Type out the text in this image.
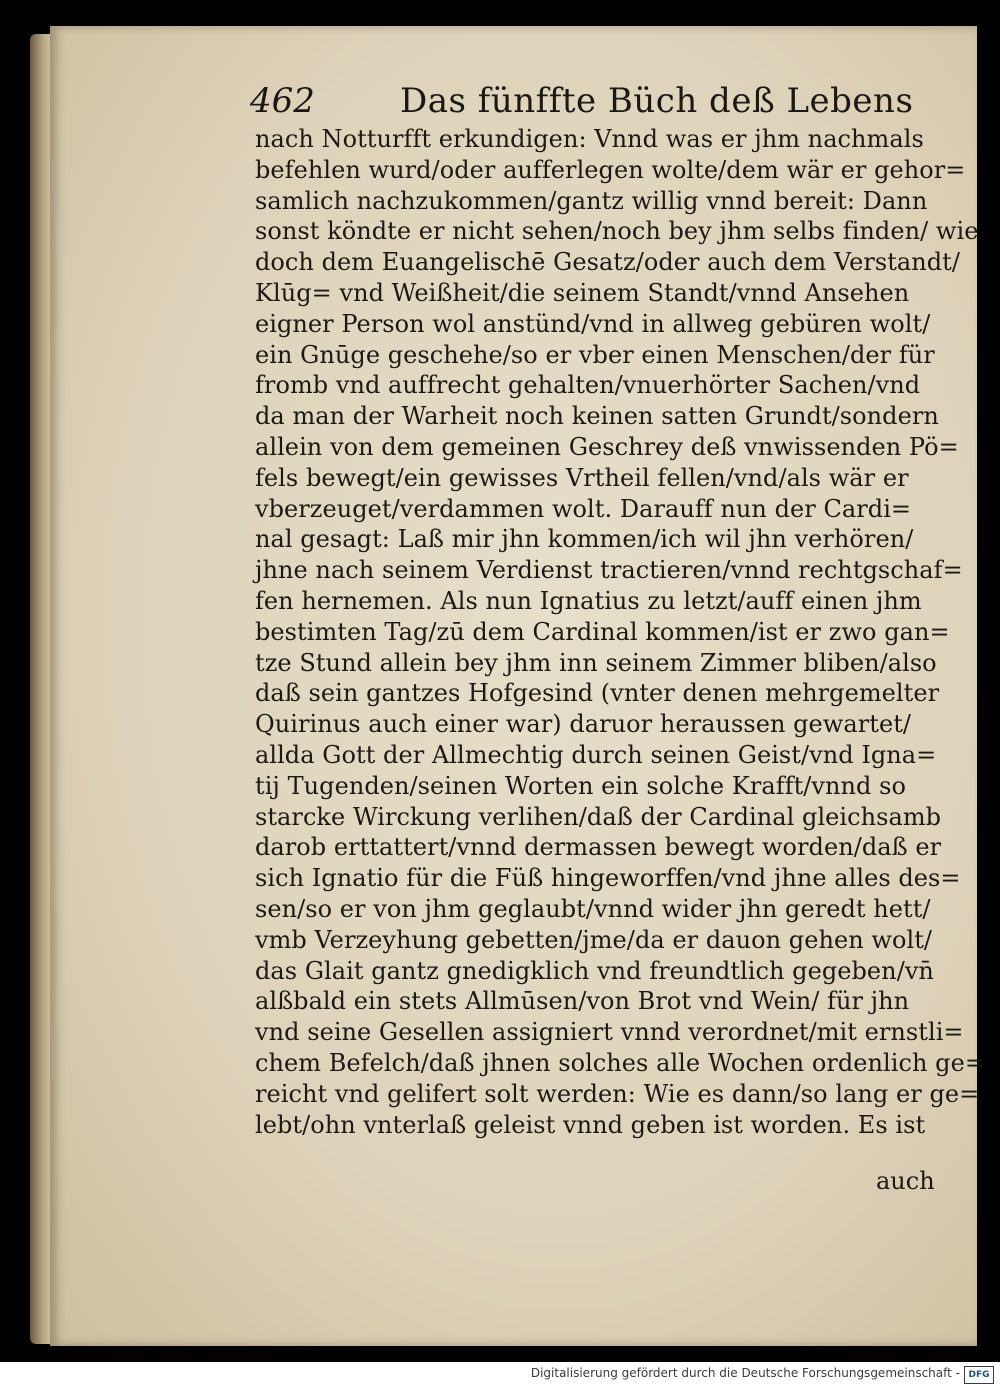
462	Das fünffte Büch deß Lebens
nach Notturfft erkundigen: Vnnd was er jhm nachmals
befehlen wurd/oder aufferlegen wolte/dem wär er gehor=
samlich nachzukommen/gantz willig vnnd bereit: Dann
sonst köndte er nicht sehen/noch bey jhm selbs finden/ wie
doch dem Euangelischē Gesatz/oder auch dem Verstandt/
Klūg= vnd Weißheit/die seinem Standt/vnnd Ansehen
eigner Person wol anstünd/vnd in allweg gebüren wolt/
ein Gnūge geschehe/so er vber einen Menschen/der für
fromb vnd auffrecht gehalten/vnuerhörter Sachen/vnd
da man der Warheit noch keinen satten Grundt/sondern
allein von dem gemeinen Geschrey deß vnwissenden Pö=
fels bewegt/ein gewisses Vrtheil fellen/vnd/als wär er
vberzeuget/verdammen wolt. Darauff nun der Cardi=
nal gesagt: Laß mir jhn kommen/ich wil jhn verhören/
jhne nach seinem Verdienst tractieren/vnnd rechtgschaf=
fen hernemen. Als nun Ignatius zu letzt/auff einen jhm
bestimten Tag/zū dem Cardinal kommen/ist er zwo gan=
tze Stund allein bey jhm inn seinem Zimmer bliben/also
daß sein gantzes Hofgesind (vnter denen mehrgemelter
Quirinus auch einer war) daruor heraussen gewartet/
allda Gott der Allmechtig durch seinen Geist/vnd Igna=
tij Tugenden/seinen Worten ein solche Krafft/vnnd so
starcke Wirckung verlihen/daß der Cardinal gleichsamb
darob erttattert/vnnd dermassen bewegt worden/daß er
sich Ignatio für die Füß hingeworffen/vnd jhne alles des=
sen/so er von jhm geglaubt/vnnd wider jhn geredt hett/
vmb Verzeyhung gebetten/jme/da er dauon gehen wolt/
das Glait gantz gnedigklich vnd freundtlich gegeben/vn̄
alßbald ein stets Allmūsen/von Brot vnd Wein/ für jhn
vnd seine Gesellen assigniert vnnd verordnet/mit ernstli=
chem Befelch/daß jhnen solches alle Wochen ordenlich ge=
reicht vnd gelifert solt werden: Wie es dann/so lang er ge=
lebt/ohn vnterlaß geleist vnnd geben ist worden. Es ist
auch
Digitalisierung gefördert durch die Deutsche Forschungsgemeinschaft - DFG
